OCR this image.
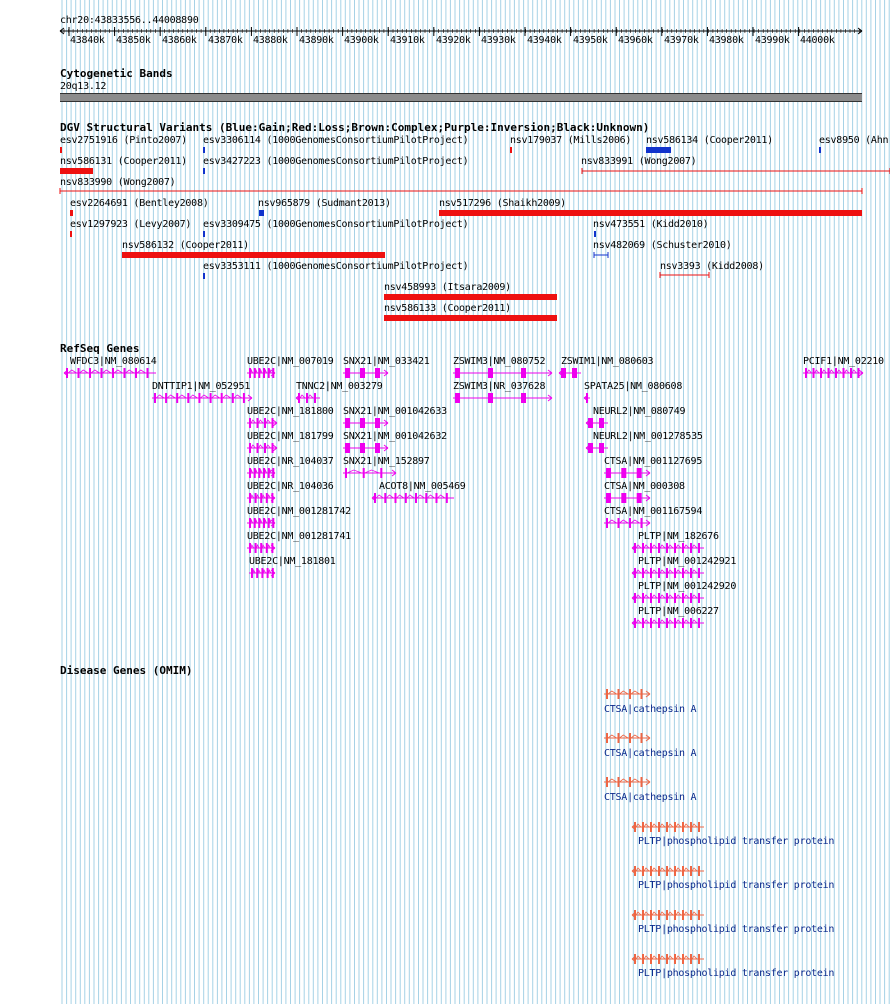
chr20:43833556..44008890
43840k 43850k 43860k 43870k 43880k 43890k 43900k 43910k 43920k 43930k 43940k 43950k 43960k 43970k 43980k 43990k 44000k
Cytogenetic Bands
20q13.12
DGV Structural Variants (Blue:Gain;Red:Loss;Brown:Complex;Purple:Inversion;Black:Unknown)
esv2751916 (Pinto2007) esv3306114 (1000GenomesConsortiumPilotProject)	nsv179037 (Mills2006) nsv586134 (Cooper2011)	esv8950 (Ahn
nsv586131 (Cooper2011) esv3427223 (1000GenomesConsortiumPilotProject)	nsv833991 (Wong2007)
nsv833990 (Wong2007)
esv2264691 (Bentley2008)	nsv965879 (Sudmant2013)	nsv517296 (Shaikh2009)
esv1297923 (Levy2007) esv3309475 (1000GenomesConsortiumPilotProject)	nsv473551 (Kidd2010)
nsv586132 (Cooper2011)	nsv482069 (Schuster2010)
esv3353111 (1000GenomesConsortiumPilotProject)	nsv3393 (Kidd2008)
nsv458993 (Itsara2009)
nsv586133 (Cooper2011)
RefSeq Genes
WFDC3|NM_080614	UBE2C|NM_007019 SNX21|NM_033421 ZSWIM3|NM_080752 ZSWIM1|NM_080603	PCIF1|NM_02210
DNTTIP1|NM_052951	TNNC2|NM_003279	ZSWIM3|NR_037628	SPATA25|NM_080608
UBE2C|NM_181800 SNX21|NM_001042633	NEURL2|NM_080749
UBE2C|NM_181799 SNX21|NM_001042632	NEURL2|NM_001278535
UBE2C|NR_104037 SNX21|NM_152897	CTSA|NM_001127695
UBE2C|NR_104036	ACOT8|NM_005469	CTSA|NM_000308
UBE2C|NM_001281742	CTSA|NM_001167594
UBE2C|NM_001281741	PLTP|NM_182676
UBE2C|NM_181801	PLTP|NM_001242921
PLTP|NM_001242920
PLTP|NM_006227
Disease Genes (OMIM)
CTSA|cathepsin A
CTSA|cathepsin A
CTSA|cathepsin A
PLTP|phospholipid transfer protein
PLTP|phospholipid transfer protein
PLTP|phospholipid transfer protein
PLTP|phospholipid transfer protein
